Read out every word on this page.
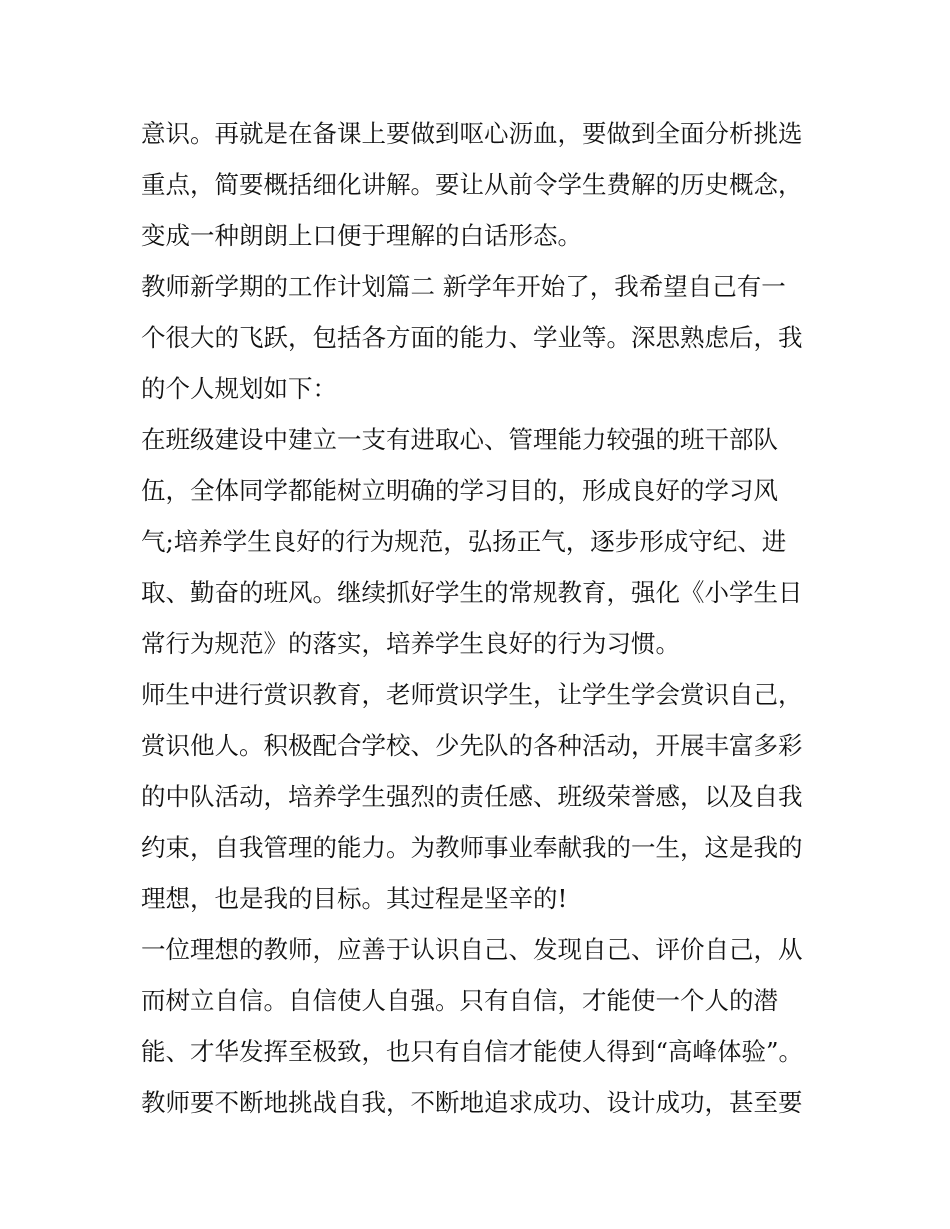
意识。再就是在备课上要做到呕心沥血，要做到全面分析挑选
重点，简要概括细化讲解。要让从前令学生费解的历史概念，
变成一种朗朗上口便于理解的白话形态。
教师新学期的工作计划篇二 新学年开始了，我希望自己有一
个很大的飞跃，包括各方面的能力、学业等。深思熟虑后，我
的个人规划如下：
在班级建设中建立一支有进取心、管理能力较强的班干部队
伍，全体同学都能树立明确的学习目的，形成良好的学习风
气;培养学生良好的行为规范，弘扬正气，逐步形成守纪、进
取、勤奋的班风。继续抓好学生的常规教育，强化《小学生日
常行为规范》的落实，培养学生良好的行为习惯。
师生中进行赏识教育，老师赏识学生，让学生学会赏识自己，
赏识他人。积极配合学校、少先队的各种活动，开展丰富多彩
的中队活动，培养学生强烈的责任感、班级荣誉感，以及自我
约束，自我管理的能力。为教师事业奉献我的一生，这是我的
理想，也是我的目标。其过程是坚辛的!
一位理想的教师，应善于认识自己、发现自己、评价自己，从
而树立自信。自信使人自强。只有自信，才能使一个人的潜
能、才华发挥至极致，也只有自信才能使人得到“高峰体验”。
教师要不断地挑战自我，不断地追求成功、设计成功，甚至要
